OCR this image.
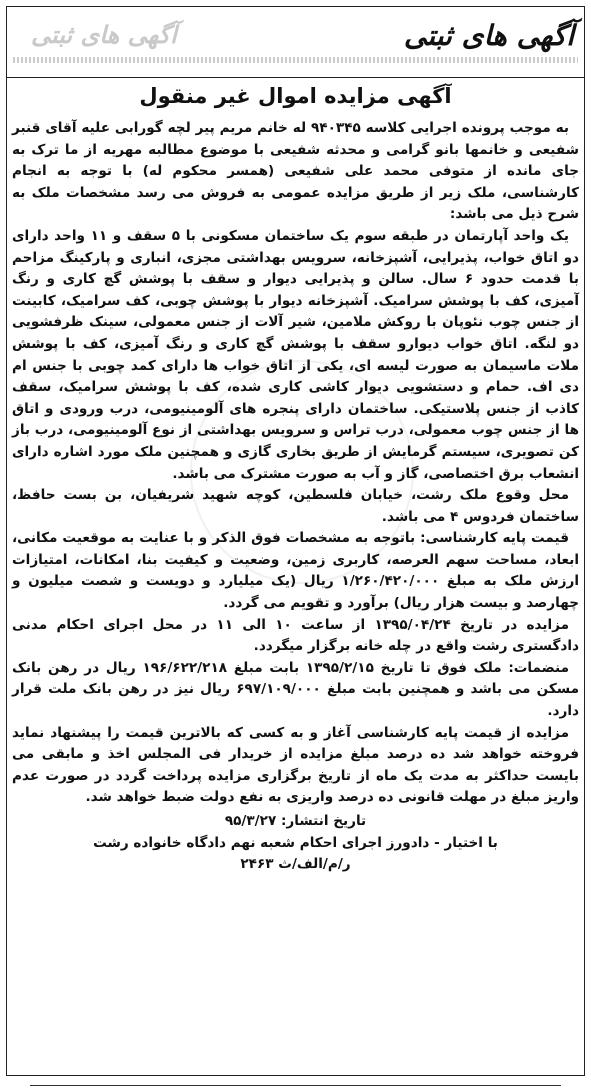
آگهی های ثبتی
آگهی های ثبتی
آگهی مزایده اموال غیر منقول

به موجب پرونده اجرایی کلاسه ۹۴۰۳۴۵ له خانم مریم پیر لچه گورابی علیه آقای قنبر شفیعی و خانمها بانو گرامی و محدثه شفیعی با موضوع مطالبه مهریه از ما ترک به جای مانده از متوفی محمد علی شفیعی (همسر محکوم له) با توجه به انجام کارشناسی، ملک زیر از طریق مزایده عمومی به فروش می رسد مشخصات ملک به شرح ذیل می باشد:

یک واحد آپارتمان در طبقه سوم یک ساختمان مسکونی با ۵ سقف و ۱۱ واحد دارای دو اتاق خواب، پذیرایی، آشپزخانه، سرویس بهداشتی مجزی، انباری و پارکینگ مزاحم با قدمت حدود ۶ سال. سالن و پذیرایی دیوار و سقف با پوشش گچ کاری و رنگ آمیزی، کف با پوشش سرامیک. آشپزخانه دیوار با پوشش چوبی، کف سرامیک، کابینت از جنس چوب نئوپان با روکش ملامین، شیر آلات از جنس معمولی، سینک ظرفشویی دو لنگه. اتاق خواب دیوارو سقف با پوشش گچ کاری و رنگ آمیزی، کف با پوشش ملات ماسیمان به صورت لیسه ای، یکی از اتاق خواب ها دارای کمد چوبی با جنس ام دی اف. حمام و دستشویی دیوار کاشی کاری شده، کف با پوشش سرامیک، سقف کاذب از جنس پلاستیکی. ساختمان دارای پنجره های آلومینیومی، درب ورودی و اتاق ها از جنس چوب معمولی، درب تراس و سرویس بهداشتی از نوع آلومینیومی، درب باز کن تصویری، سیستم گرمایش از طریق بخاری گازی و همچنین ملک مورد اشاره دارای انشعاب برق اختصاصی، گاز و آب به صورت مشترک می باشد.

محل وقوع ملک رشت، خیابان فلسطین، کوچه شهید شریفیان، بن بست حافظ، ساختمان فردوس ۴ می باشد.

قیمت پایه کارشناسی: باتوجه به مشخصات فوق الذکر و با عنایت به موقعیت مکانی، ابعاد، مساحت سهم العرصه، کاربری زمین، وضعیت و کیفیت بنا، امکانات، امتیازات ارزش ملک به مبلغ ۱/۲۶۰/۴۲۰/۰۰۰ ریال (یک میلیارد و دویست و شصت میلیون و چهارصد و بیست هزار ریال) برآورد و تقویم می گردد.

مزایده در تاریخ ۱۳۹۵/۰۴/۲۴ از ساعت ۱۰ الی ۱۱ در محل اجرای احکام مدنی دادگستری رشت واقع در چله خانه برگزار میگردد.

منضمات: ملک فوق تا تاریخ ۱۳۹۵/۲/۱۵ بابت مبلغ ۱۹۶/۶۲۲/۲۱۸ ریال در رهن بانک مسکن می باشد و همچنین بابت مبلغ ۶۹۷/۱۰۹/۰۰۰ ریال نیز در رهن بانک ملت قرار دارد.

مزایده از قیمت پایه کارشناسی آغاز و به کسی که بالاترین قیمت را پیشنهاد نماید فروخته خواهد شد ده درصد مبلغ مزایده از خریدار فی المجلس اخذ و مابقی می بایست حداکثر به مدت یک ماه از تاریخ برگزاری مزایده پرداخت گردد در صورت عدم واریز مبلغ در مهلت قانونی ده درصد واریزی به نفع دولت ضبط خواهد شد.

تاریخ انتشار: ۹۵/۳/۲۷

با اختیار - دادورز اجرای احکام شعبه نهم دادگاه خانواده رشت

ر/م/الف/ث ۲۴۶۳
